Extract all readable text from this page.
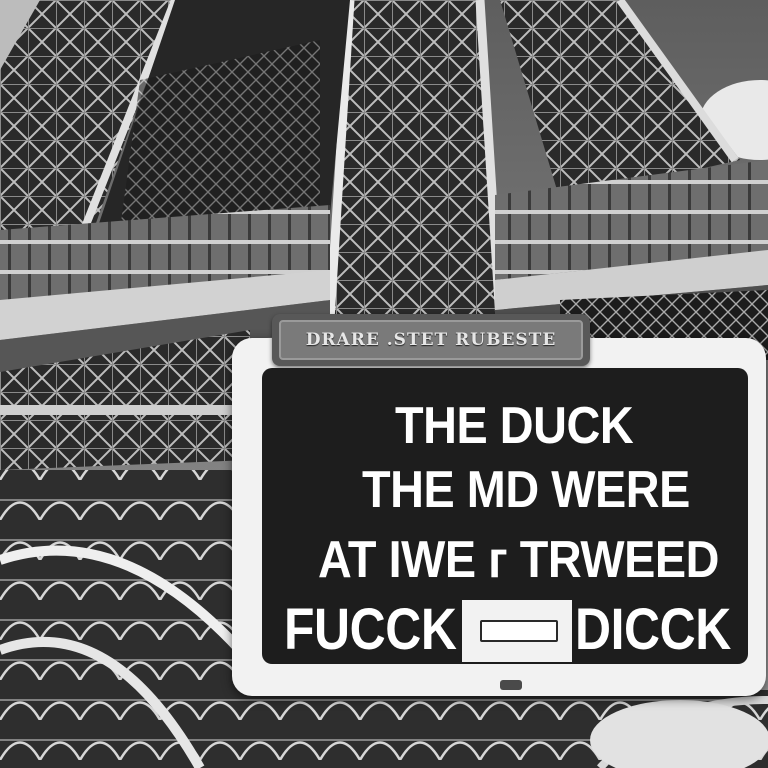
DRARE .STET RUBESTE
THE DUCK
THE MD WERE
AT IWE г TRWEED
FUCCK DICCK
